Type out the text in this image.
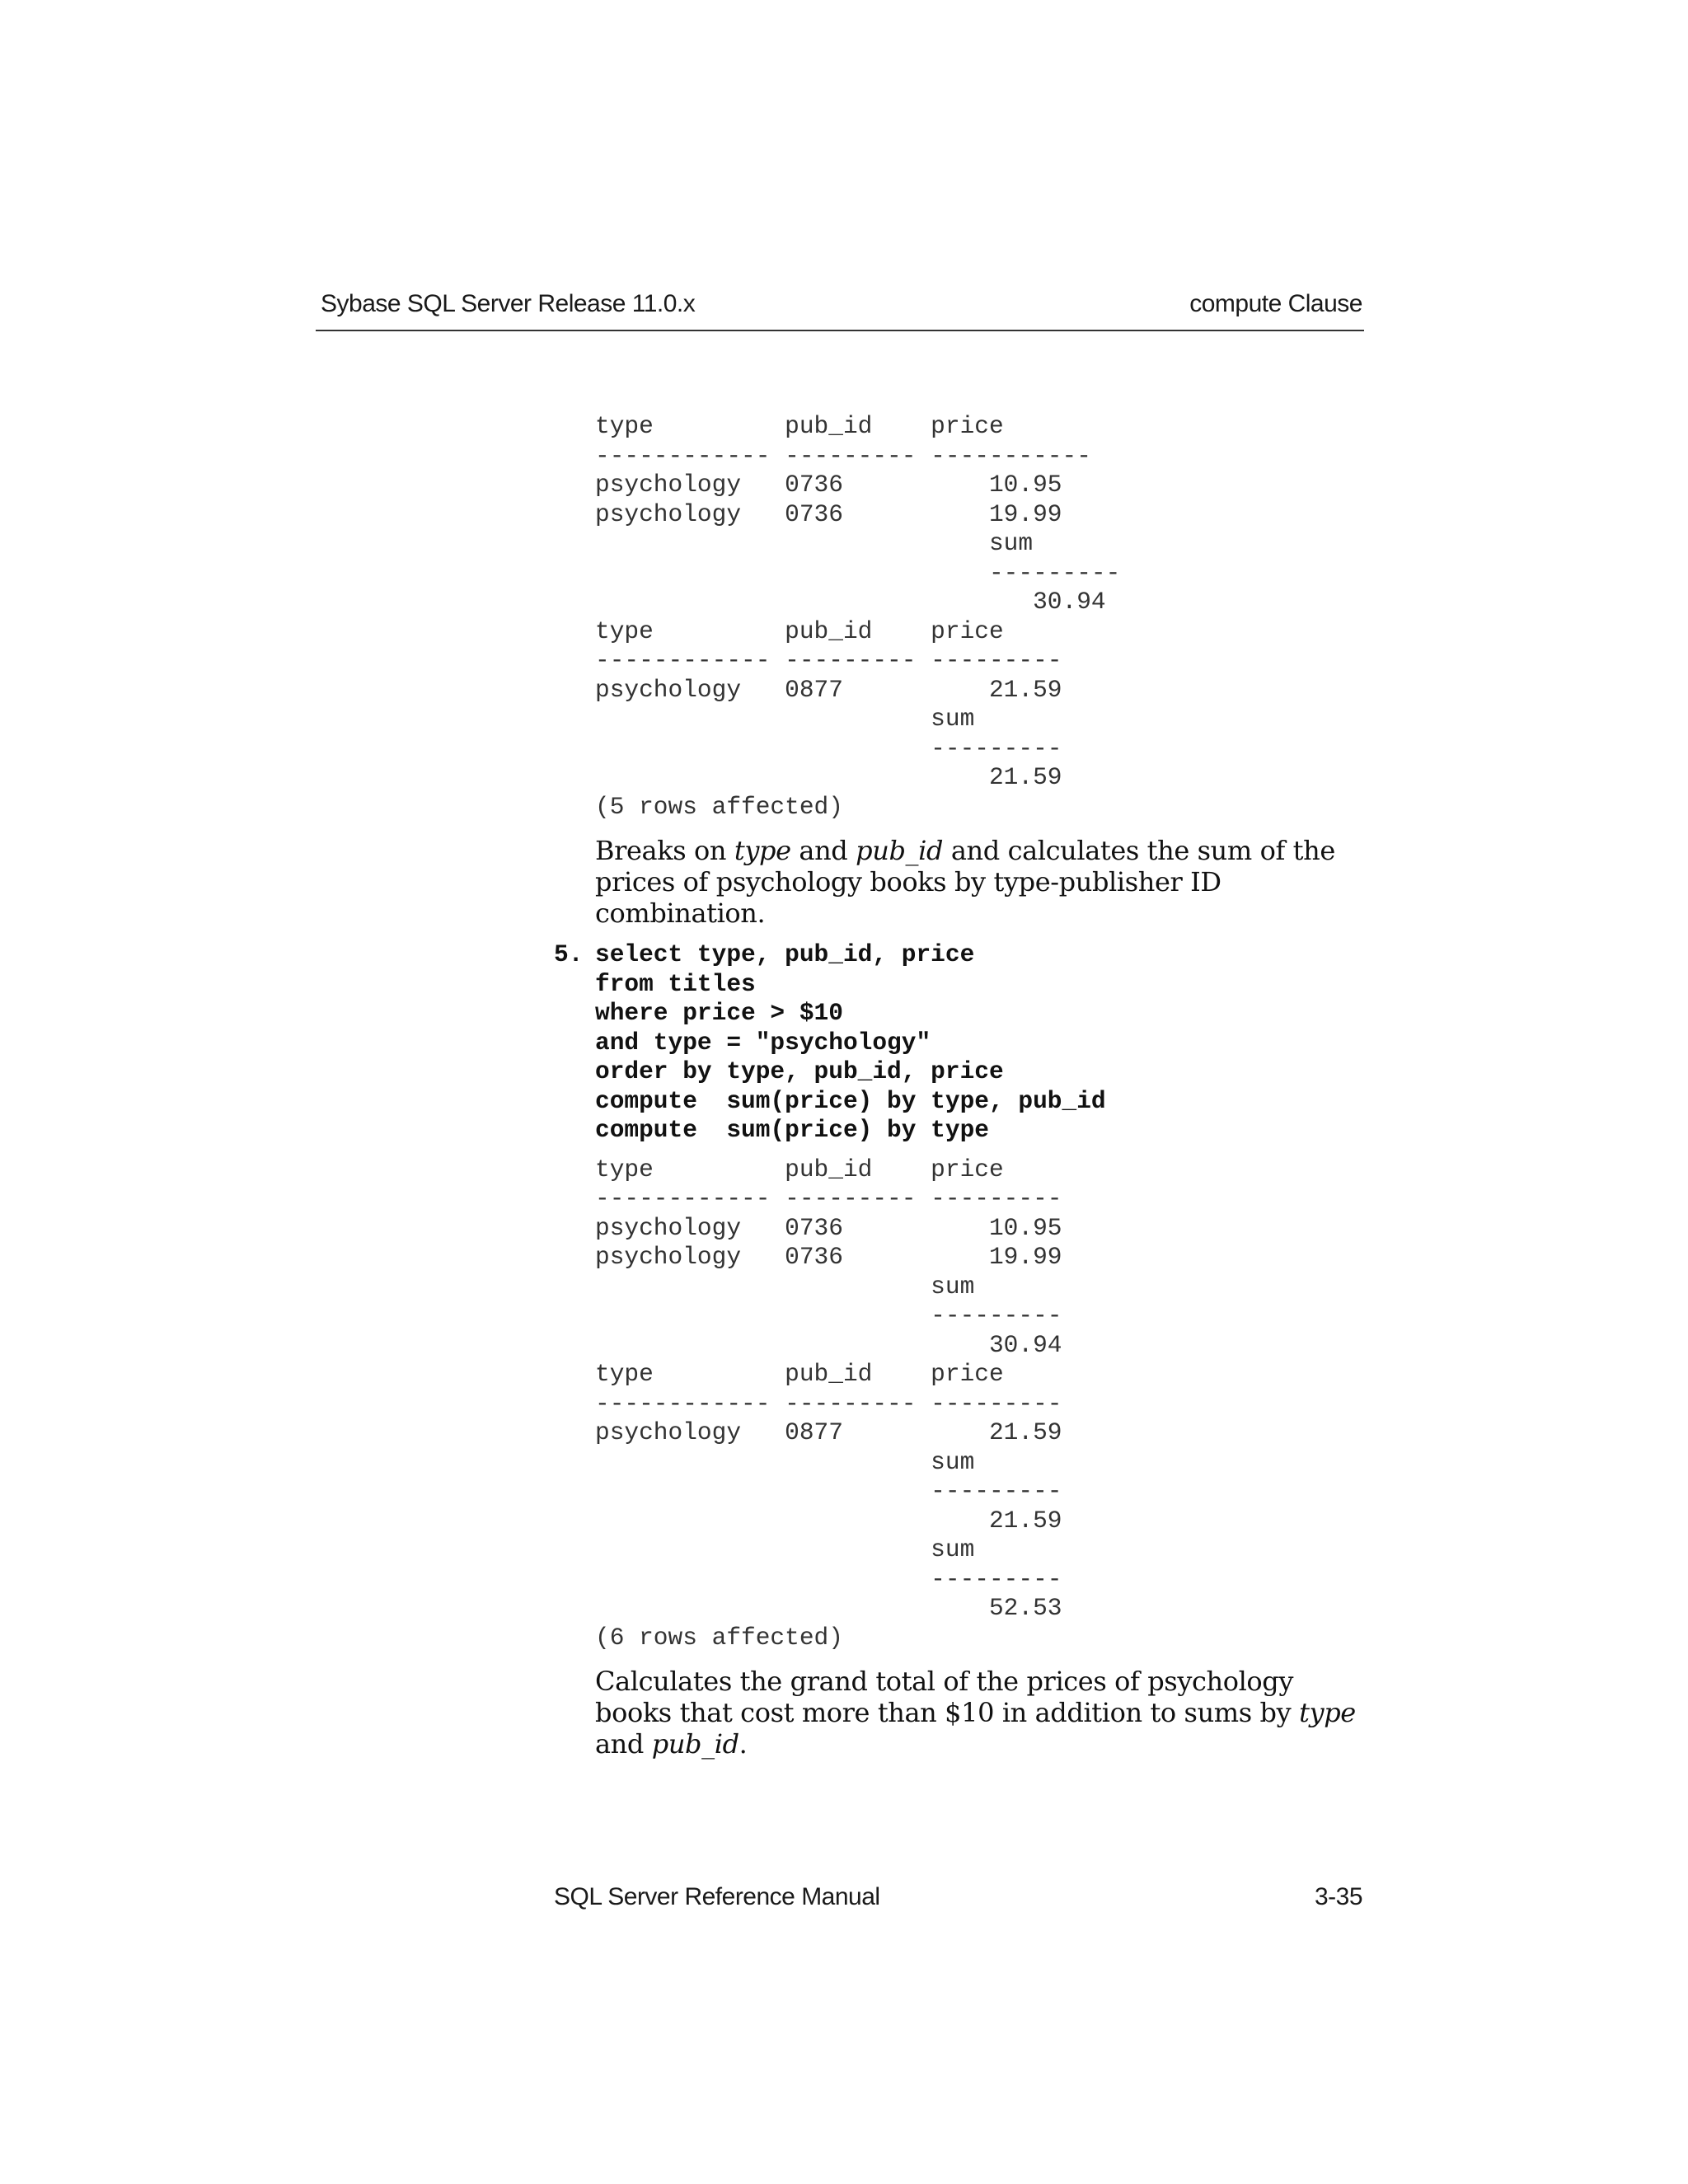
Sybase SQL Server Release 11.0.x	compute Clause
type         pub_id    price
------------ --------- -----------
psychology   0736          10.95
psychology   0736          19.99
sum
---------
30.94
type         pub_id    price
------------ --------- ---------
psychology   0877          21.59
sum
---------
21.59
(5 rows affected)

Breaks on type and pub_id and calculates the sum of the prices of psychology books by type-publisher ID combination.

5. select type, pub_id, price
from titles
where price > $10
and type = "psychology"
order by type, pub_id, price
compute  sum(price) by type, pub_id
compute  sum(price) by type
type         pub_id    price
------------ --------- ---------
psychology   0736          10.95
psychology   0736          19.99
sum
---------
30.94
type         pub_id    price
------------ --------- ---------
psychology   0877          21.59
sum
---------
21.59
sum
---------
52.53
(6 rows affected)

Calculates the grand total of the prices of psychology books that cost more than $10 in addition to sums by type and pub_id.

SQL Server Reference Manual	3-35
